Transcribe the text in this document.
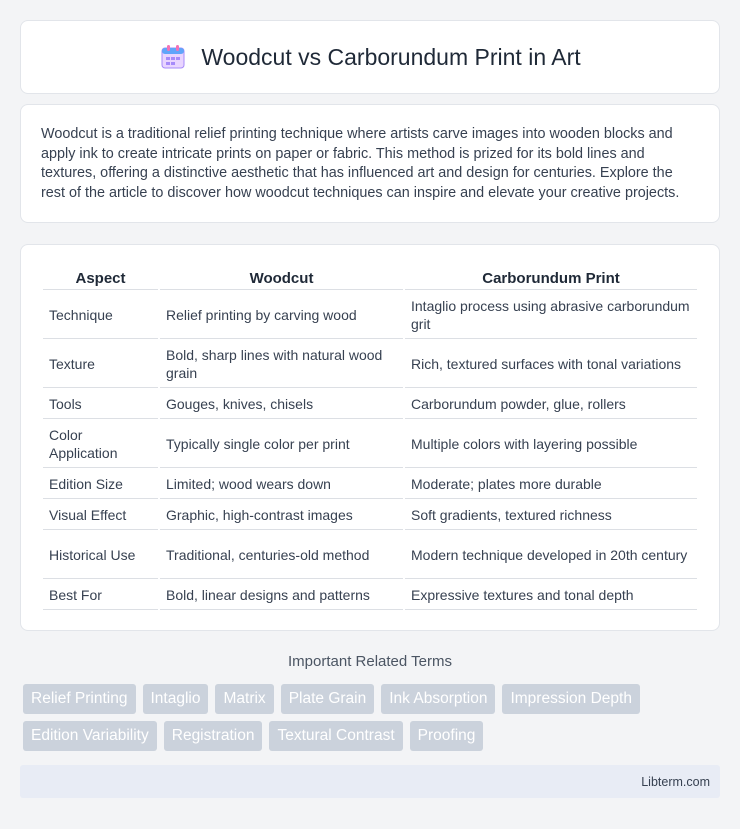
Woodcut vs Carborundum Print in Art

Woodcut is a traditional relief printing technique where artists carve images into wooden blocks and apply ink to create intricate prints on paper or fabric. This method is prized for its bold lines and textures, offering a distinctive aesthetic that has influenced art and design for centuries. Explore the rest of the article to discover how woodcut techniques can inspire and elevate your creative projects.

Aspect	Woodcut	Carborundum Print
Technique	Relief printing by carving wood	Intaglio process using abrasive carborundum grit
Texture	Bold, sharp lines with natural wood grain	Rich, textured surfaces with tonal variations
Tools	Gouges, knives, chisels	Carborundum powder, glue, rollers
Color Application	Typically single color per print	Multiple colors with layering possible
Edition Size	Limited; wood wears down	Moderate; plates more durable
Visual Effect	Graphic, high-contrast images	Soft gradients, textured richness
Historical Use	Traditional, centuries-old method	Modern technique developed in 20th century
Best For	Bold, linear designs and patterns	Expressive textures and tonal depth
Important Related Terms
Relief Printing	Intaglio	Matrix	Plate Grain	Ink Absorption	Impression Depth
Edition Variability	Registration	Textural Contrast	Proofing
Libterm.com
